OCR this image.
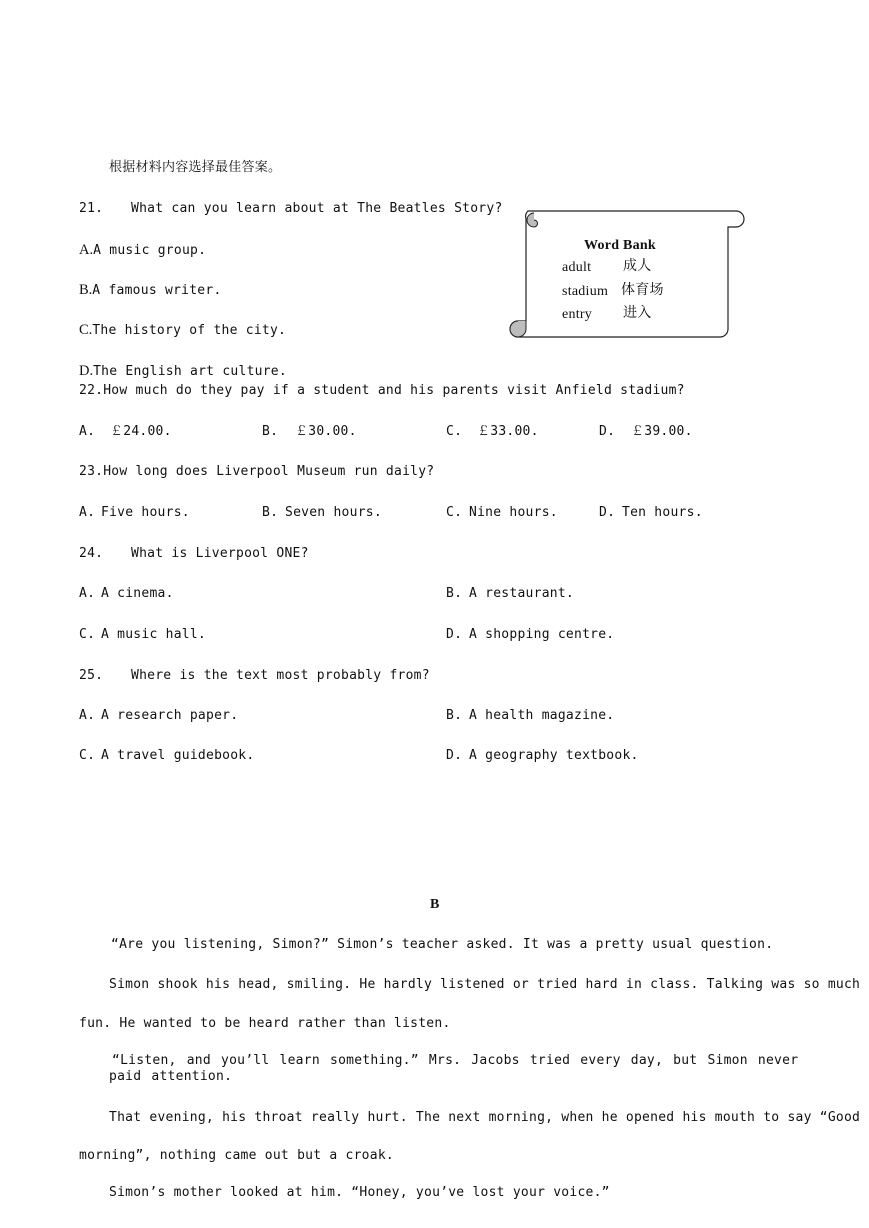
根据材料内容选择最佳答案。
21. What can you learn about at The Beatles Story?
A.A music group.
B.A famous writer.
C.The history of the city.
D.The English art culture.
Word Bank
adult 成人
stadium 体育场
entry 进入
22.How much do they pay if a student and his parents visit Anfield stadium?
A. ￡24.00.	B. ￡30.00.	C. ￡33.00.	D. ￡39.00.
23.How long does Liverpool Museum run daily?
A. Five hours.	B. Seven hours.	C. Nine hours.	D. Ten hours.
24. What is Liverpool ONE?
A. A cinema.	B. A restaurant.
C. A music hall.	D. A shopping centre.
25. Where is the text most probably from?
A. A research paper.	B. A health magazine.
C. A travel guidebook.	D. A geography textbook.
B
“Are you listening, Simon?” Simon’s teacher asked. It was a pretty usual question.
Simon shook his head, smiling. He hardly listened or tried hard in class. Talking was so much
fun. He wanted to be heard rather than listen.
“Listen, and you’ll learn something.” Mrs. Jacobs tried every day, but Simon never paid attention.
That evening, his throat really hurt. The next morning, when he opened his mouth to say “Good
morning”, nothing came out but a croak.
Simon’s mother looked at him. “Honey, you’ve lost your voice.”
